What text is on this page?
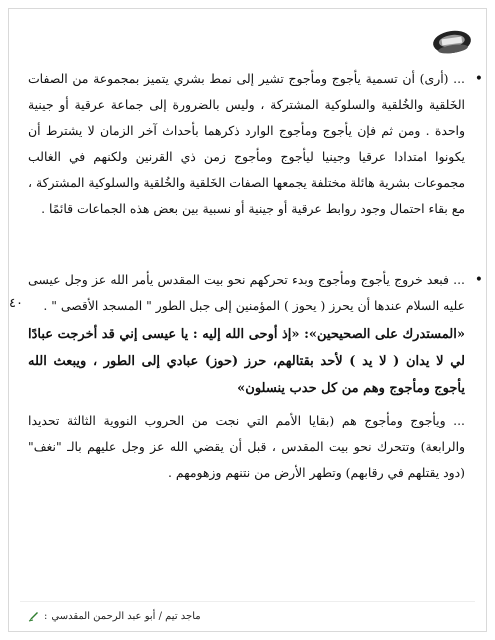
٤٠

•
... (أرى) أن تسمية يأجوج ومأجوج تشير إلى نمط بشري يتميز بمجموعة من الصفات الخَلقية والخُلقية والسلوكية المشتركة ، وليس بالضرورة إلى جماعة عرقية أو جينية واحدة . ومن ثم فإن يأجوج ومأجوج الوارد ذكرهما بأحداث آخر الزمان لا يشترط أن يكونوا امتدادا عرقيا وجينيا ليأجوج ومأجوج زمن ذي القرنين ولكنهم في الغالب مجموعات بشرية هائلة مختلفة يجمعها الصفات الخَلقية والخُلقية والسلوكية المشتركة ، مع بقاء احتمال وجود روابط عرقية أو جينية أو نسبية بين بعض هذه الجماعات قائمًا .

•
... فبعد خروج يأجوج ومأجوج وبدء تحركهم نحو بيت المقدس يأمر الله عز وجل عيسى عليه السلام عندها أن يحرز ( يحوز ) المؤمنين إلى جبل الطور " المسجد الأقصى " .

«المستدرك على الصحيحين»: «إذ أوحى الله إليه : يا عيسى إني قد أخرجت عبادًا لي لا يدان ( لا يد ) لأحد بقتالهم، حرز (حوز) عبادي إلى الطور ، ويبعث الله يأجوج ومأجوج وهم من كل حدب ينسلون»

... ويأجوج ومأجوج هم (بقايا الأمم التي نجت من الحروب النووية الثالثة تحديدا والرابعة) وتتحرك نحو بيت المقدس ، قبل أن يقضي الله عز وجل عليهم بالـ "نغف" (دود يقتلهم في رقابهم) وتطهر الأرض من نتنهم وزهومهم .

ماجد تيم / أبو عبد الرحمن المقدسي
:
